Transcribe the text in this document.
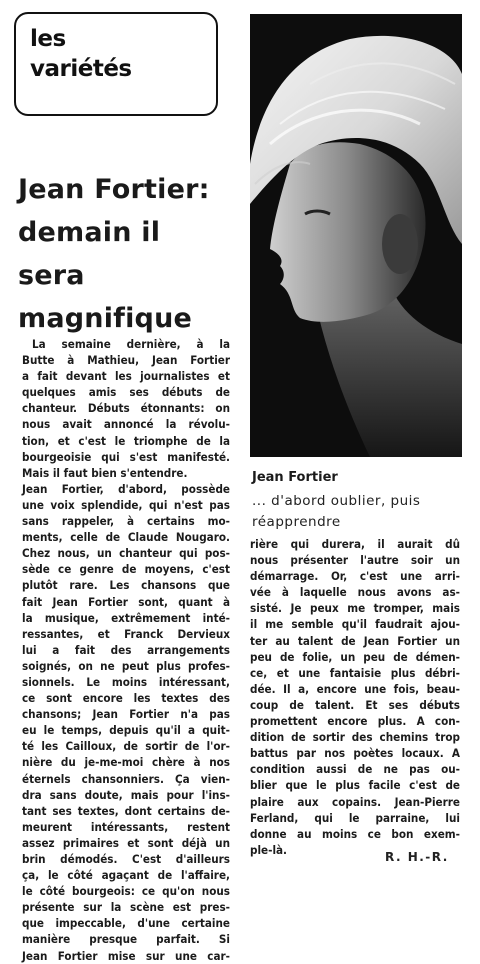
les
variétés
Jean Fortier:
demain il
sera
magnifique
La semaine dernière, à la
Butte à Mathieu, Jean Fortier
a fait devant les journalistes et
quelques amis ses débuts de
chanteur. Débuts étonnants: on
nous avait annoncé la révolu-
tion, et c'est le triomphe de la
bourgeoisie qui s'est manifesté.
Mais il faut bien s'entendre.
Jean Fortier, d'abord, possède
une voix splendide, qui n'est pas
sans rappeler, à certains mo-
ments, celle de Claude Nougaro.
Chez nous, un chanteur qui pos-
sède ce genre de moyens, c'est
plutôt rare. Les chansons que
fait Jean Fortier sont, quant à
la musique, extrêmement inté-
ressantes, et Franck Dervieux
lui a fait des arrangements
soignés, on ne peut plus profes-
sionnels. Le moins intéressant,
ce sont encore les textes des
chansons; Jean Fortier n'a pas
eu le temps, depuis qu'il a quit-
té les Cailloux, de sortir de l'or-
nière du je-me-moi chère à nos
éternels chansonniers. Ça vien-
dra sans doute, mais pour l'ins-
tant ses textes, dont certains de-
meurent intéressants, restent
assez primaires et sont déjà un
brin démodés. C'est d'ailleurs
ça, le côté agaçant de l'affaire,
le côté bourgeois: ce qu'on nous
présente sur la scène est pres-
que impeccable, d'une certaine
manière presque parfait. Si
Jean Fortier mise sur une car-
Jean Fortier
... d'abord oublier, puis
réapprendre
rière qui durera, il aurait dû
nous présenter l'autre soir un
démarrage. Or, c'est une arri-
vée à laquelle nous avons as-
sisté. Je peux me tromper, mais
il me semble qu'il faudrait ajou-
ter au talent de Jean Fortier un
peu de folie, un peu de démen-
ce, et une fantaisie plus débri-
dée. Il a, encore une fois, beau-
coup de talent. Et ses débuts
promettent encore plus. A con-
dition de sortir des chemins trop
battus par nos poètes locaux. A
condition aussi de ne pas ou-
blier que le plus facile c'est de
plaire aux copains. Jean-Pierre
Ferland, qui le parraine, lui
donne au moins ce bon exem-
ple-là.
R. H.-R.
